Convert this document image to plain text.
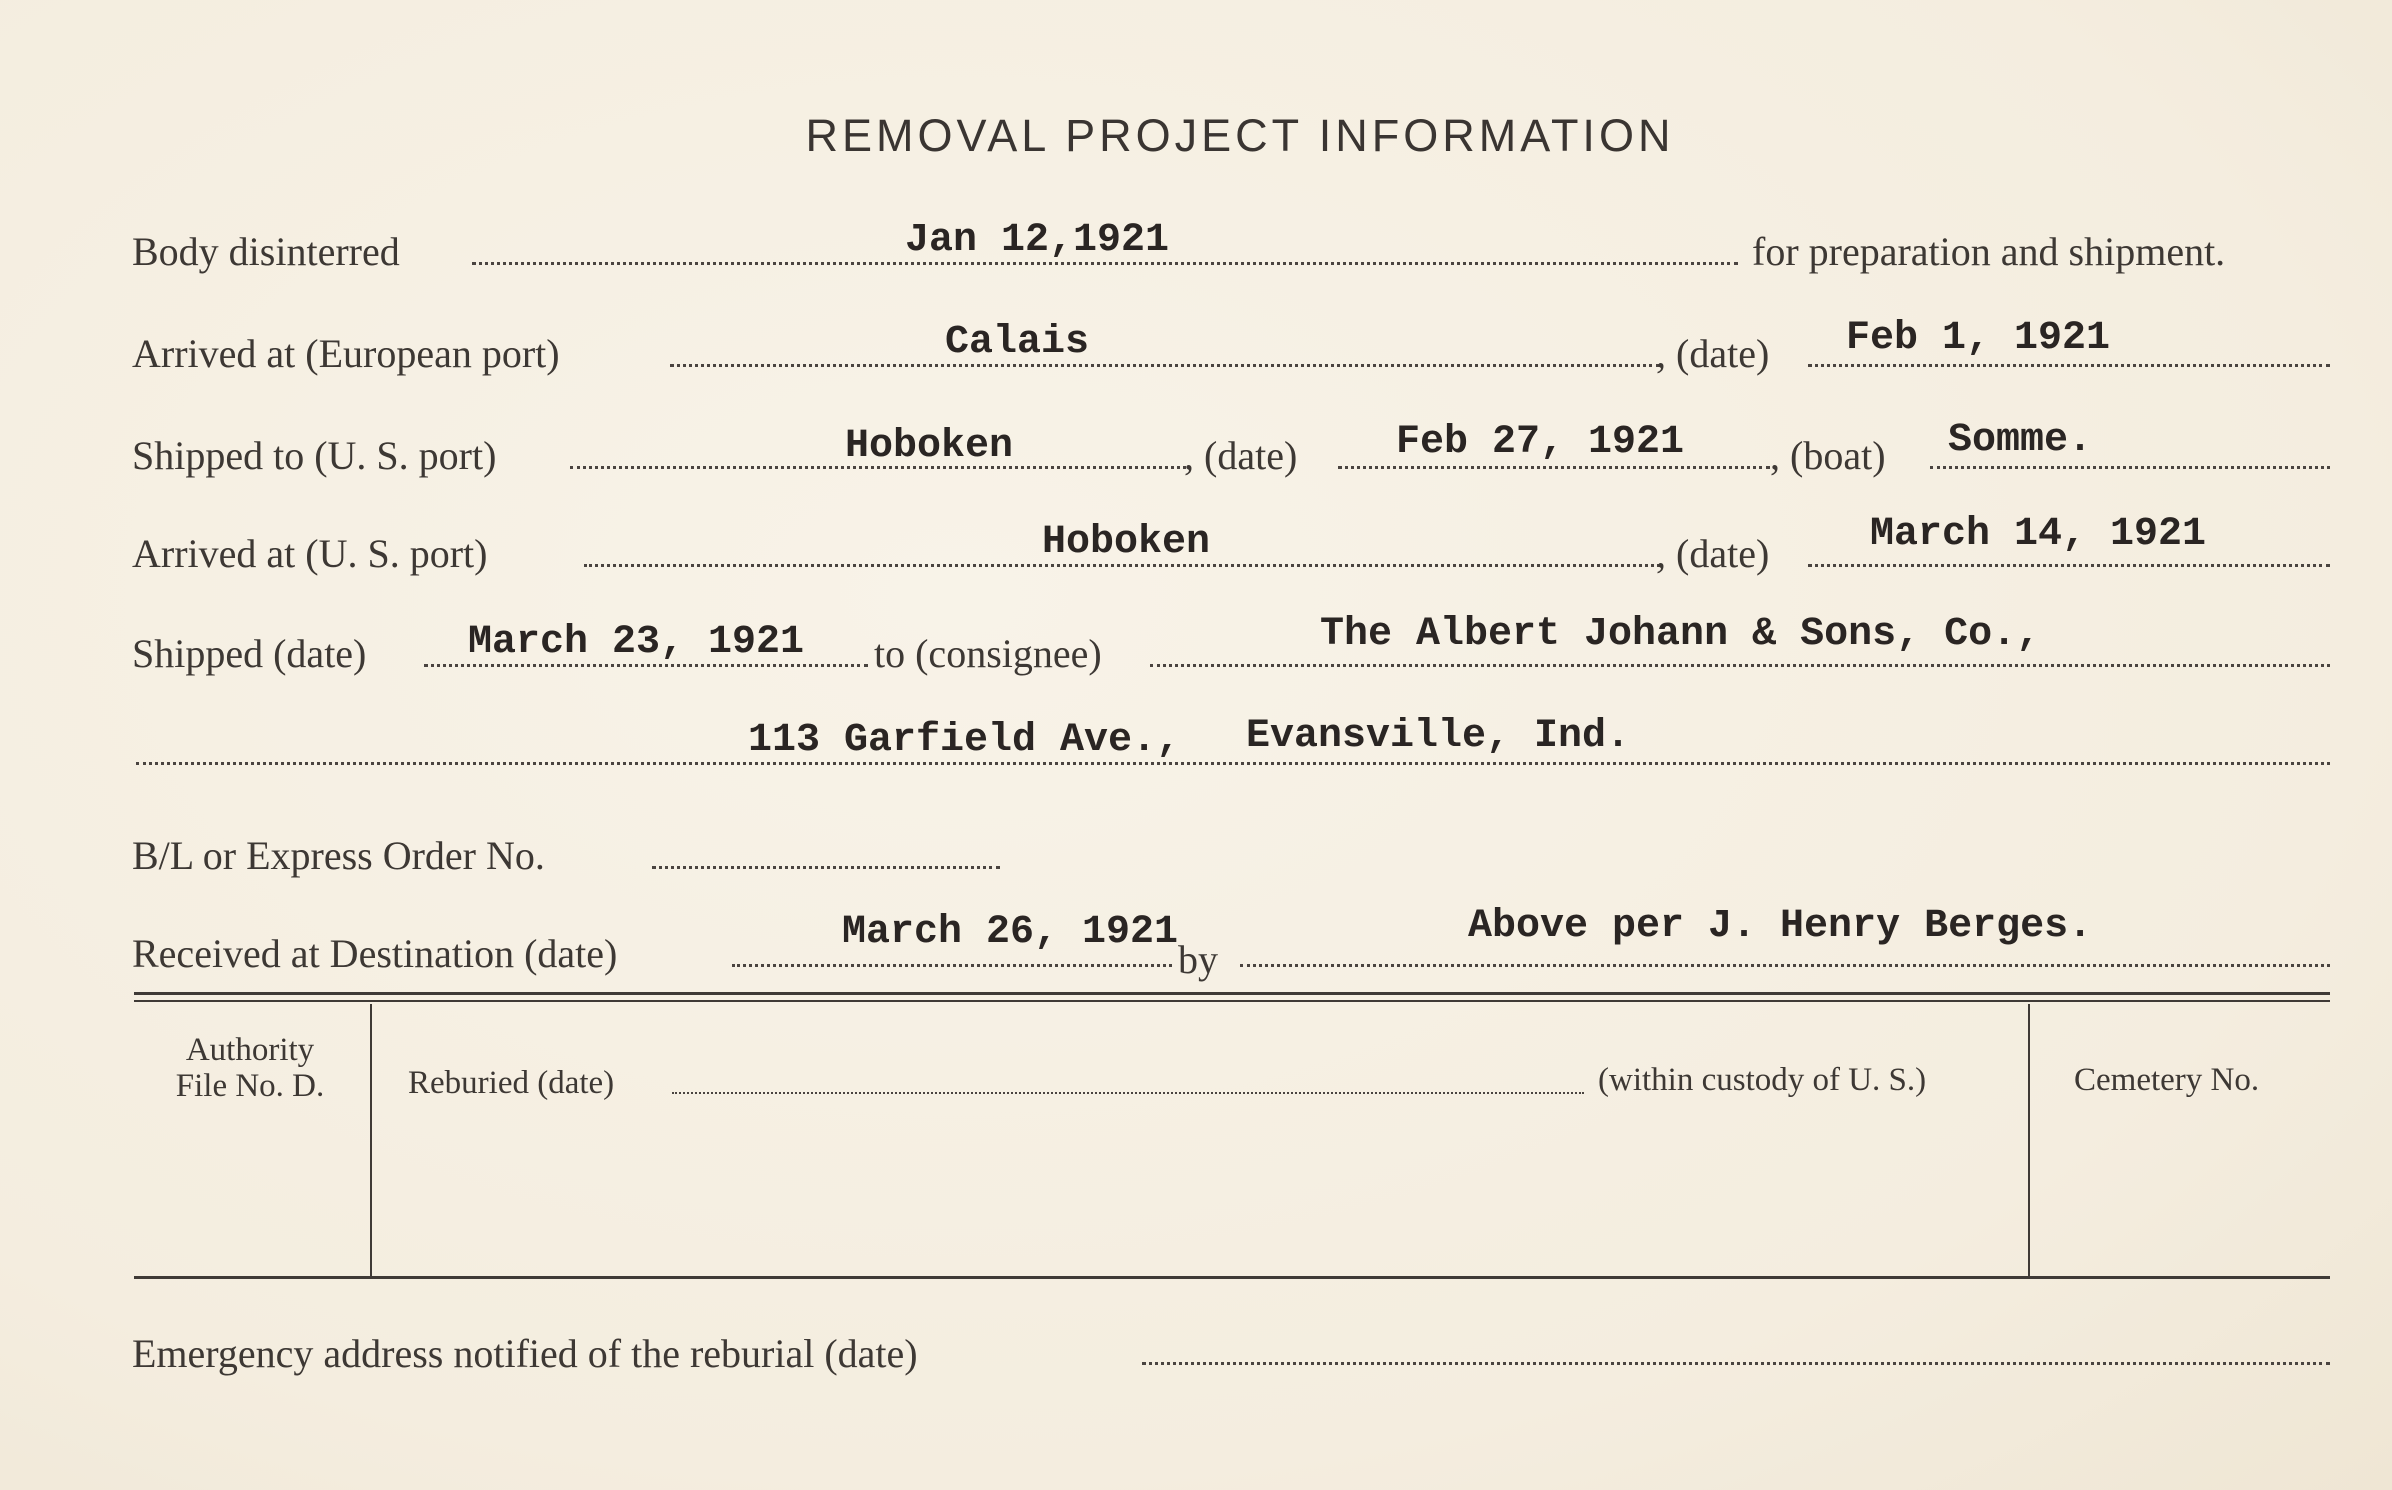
REMOVAL PROJECT INFORMATION
Body disinterred	Jan 12,1921	for preparation and shipment.
Arrived at (European port)	Calais	, (date) Feb 1, 1921
Shipped to (U. S. port)	Hoboken	, (date) Feb 27, 1921 , (boat) Somme.
Arrived at (U. S. port)	Hoboken	, (date)	March 14, 1921
Shipped (date)	March 23, 1921 to (consignee)	The Albert Johann & Sons, Co.,
113 Garfield Ave., Evansville, Ind.
B/L or Express Order No.
Received at Destination (date)	March 26, 1921
by
Above per J. Henry Berges.
Authority
File No. D.	Reburied (date)	(within custody of U. S.)	Cemetery No.
Emergency address notified of the reburial (date)
